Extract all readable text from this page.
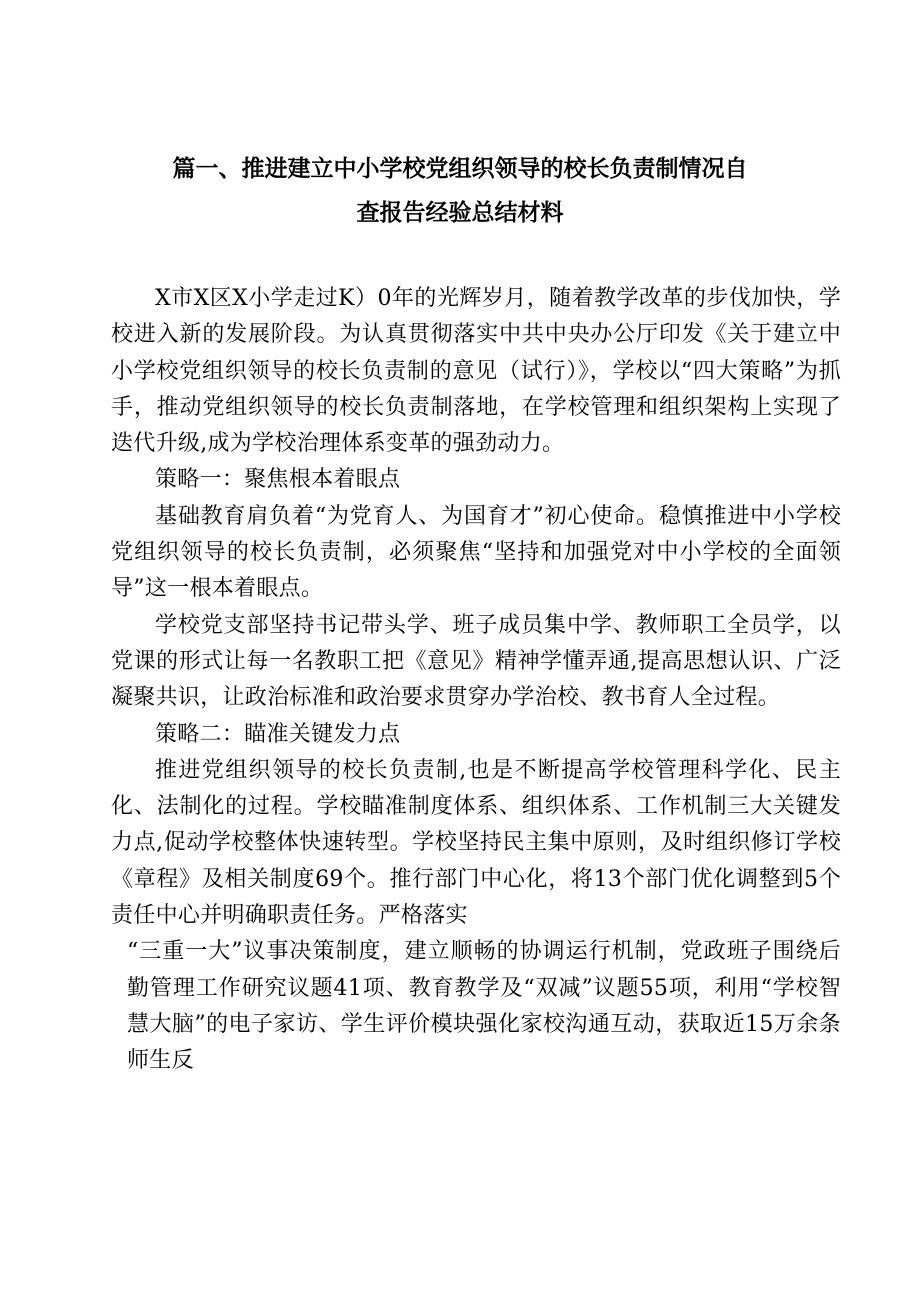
篇一、推进建立中小学校党组织领导的校长负责制情况自
查报告经验总结材料

X市X区X小学走过K）0年的光辉岁月，随着教学改革的步伐加快，学校进入新的发展阶段。为认真贯彻落实中共中央办公厅印发《关于建立中小学校党组织领导的校长负责制的意见（试行）》，学校以“四大策略”为抓手，推动党组织领导的校长负责制落地，在学校管理和组织架构上实现了迭代升级,成为学校治理体系变革的强劲动力。

策略一：聚焦根本着眼点

基础教育肩负着“为党育人、为国育才”初心使命。稳慎推进中小学校党组织领导的校长负责制，必须聚焦“坚持和加强党对中小学校的全面领导”这一根本着眼点。

学校党支部坚持书记带头学、班子成员集中学、教师职工全员学，以党课的形式让每一名教职工把《意见》精神学懂弄通,提高思想认识、广泛凝聚共识，让政治标准和政治要求贯穿办学治校、教书育人全过程。

策略二：瞄准关键发力点

推进党组织领导的校长负责制,也是不断提高学校管理科学化、民主化、法制化的过程。学校瞄准制度体系、组织体系、工作机制三大关键发力点,促动学校整体快速转型。学校坚持民主集中原则，及时组织修订学校《章程》及相关制度69个。推行部门中心化，将13个部门优化调整到5个责任中心并明确职责任务。严格落实

“三重一大”议事决策制度，建立顺畅的协调运行机制，党政班子围绕后勤管理工作研究议题41项、教育教学及“双减”议题55项，利用“学校智慧大脑”的电子家访、学生评价模块强化家校沟通互动，获取近15万余条师生反
